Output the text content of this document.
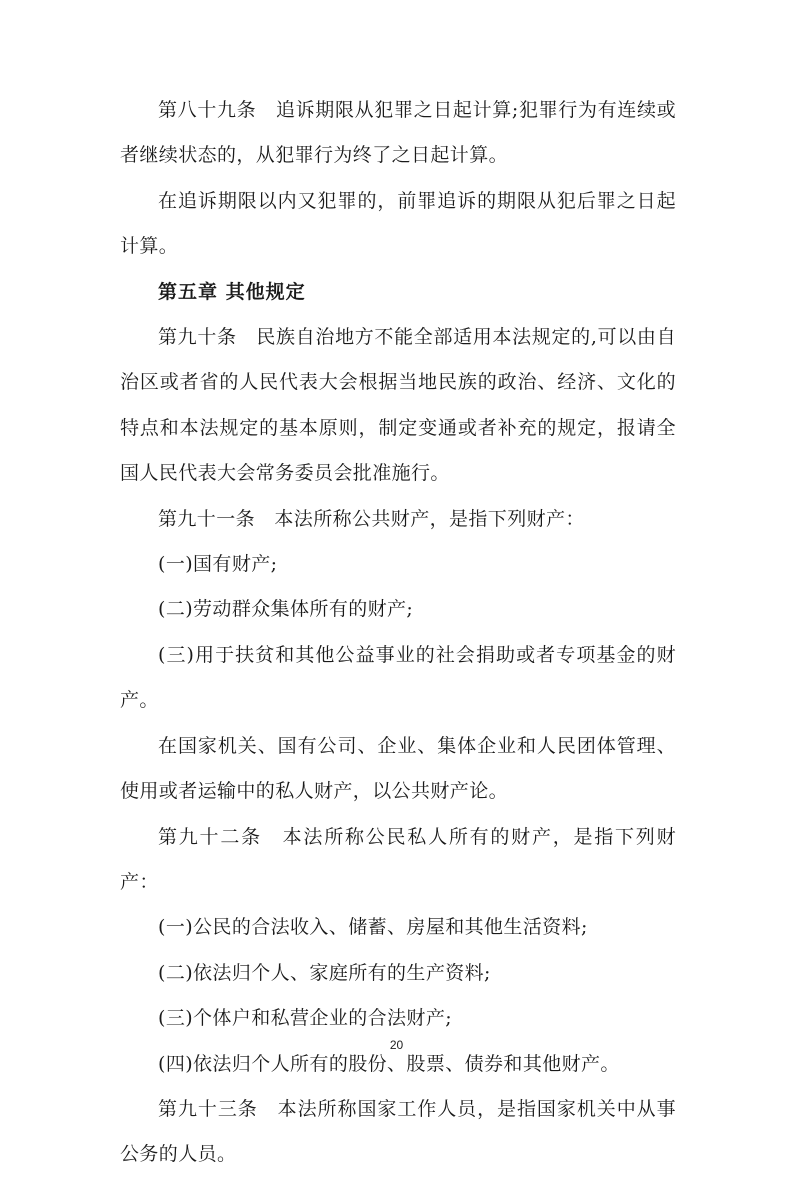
第八十九条　追诉期限从犯罪之日起计算;犯罪行为有连续或者继续状态的，从犯罪行为终了之日起计算。

在追诉期限以内又犯罪的，前罪追诉的期限从犯后罪之日起计算。

第五章 其他规定

第九十条　民族自治地方不能全部适用本法规定的,可以由自治区或者省的人民代表大会根据当地民族的政治、经济、文化的特点和本法规定的基本原则，制定变通或者补充的规定，报请全国人民代表大会常务委员会批准施行。

第九十一条　本法所称公共财产，是指下列财产：

(一)国有财产;

(二)劳动群众集体所有的财产;

(三)用于扶贫和其他公益事业的社会捐助或者专项基金的财产。

在国家机关、国有公司、企业、集体企业和人民团体管理、使用或者运输中的私人财产，以公共财产论。

第九十二条　本法所称公民私人所有的财产，是指下列财产：

(一)公民的合法收入、储蓄、房屋和其他生活资料;

(二)依法归个人、家庭所有的生产资料;

(三)个体户和私营企业的合法财产;

(四)依法归个人所有的股份、股票、债券和其他财产。

第九十三条　本法所称国家工作人员，是指国家机关中从事公务的人员。

20
